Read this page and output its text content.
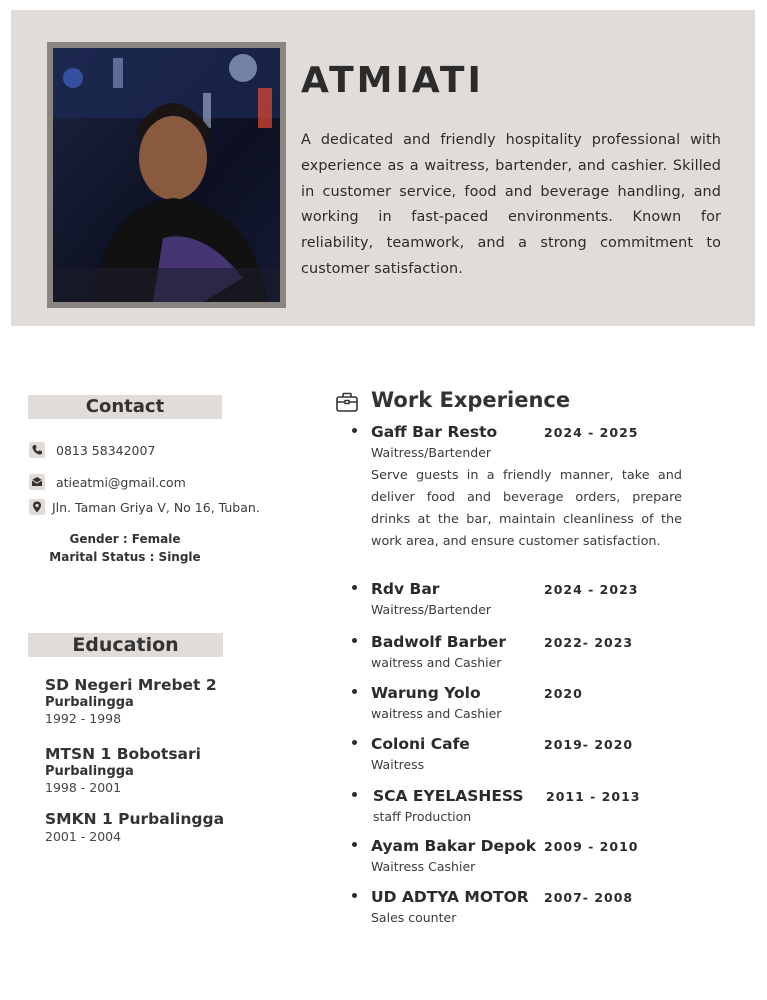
ATMIATI
A dedicated and friendly hospitality professional with experience as a waitress, bartender, and cashier. Skilled in customer service, food and beverage handling, and working in fast-paced environments. Known for reliability, teamwork, and a strong commitment to customer satisfaction.
Contact
0813 58342007
atieatmi@gmail.com
Jln. Taman Griya V, No 16, Tuban.
Gender : Female
Marital Status : Single
Education
SD Negeri Mrebet 2
Purbalingga
1992 - 1998
MTSN 1 Bobotsari
Purbalingga
1998 - 2001
SMKN 1 Purbalingga
2001 - 2004
Work Experience
Gaff Bar Resto	2024 - 2025
Waitress/Bartender
Serve guests in a friendly manner, take and deliver food and beverage orders, prepare drinks at the bar, maintain cleanliness of the work area, and ensure customer satisfaction.
Rdv Bar	2024 - 2023
Waitress/Bartender
Badwolf Barber	2022- 2023
waitress and Cashier
Warung Yolo	2020
waitress and Cashier
Coloni Cafe	2019- 2020
Waitress
SCA EYELASHESS 2011 - 2013
staff Production
Ayam Bakar Depok 2009 - 2010
Waitress Cashier
UD ADTYA MOTOR 2007- 2008
Sales counter
